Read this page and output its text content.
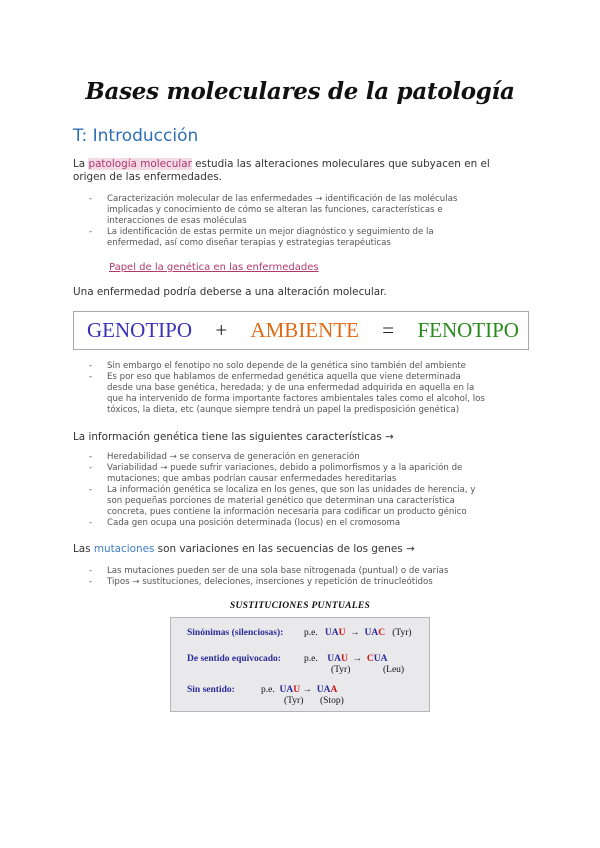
Bases moleculares de la patología
T: Introducción
La patología molecular estudia las alteraciones moleculares que subyacen en el
origen de las enfermedades.
- Caracterización molecular de las enfermedades → identificación de las moléculas
implicadas y conocimiento de cómo se alteran las funciones, características e
interacciones de esas moléculas
- La identificación de estas permite un mejor diagnóstico y seguimiento de la
enfermedad, así como diseñar terapias y estrategias terapéuticas
Papel de la genética en las enfermedades
Una enfermedad podría deberse a una alteración molecular.
GENOTIPO + AMBIENTE = FENOTIPO
- Sin embargo el fenotipo no solo depende de la genética sino también del ambiente
- Es por eso que hablamos de enfermedad genética aquella que viene determinada
desde una base genética, heredada; y de una enfermedad adquirida en aquella en la
que ha intervenido de forma importante factores ambientales tales como el alcohol, los
tóxicos, la dieta, etc (aunque siempre tendrá un papel la predisposición genética)
La información genética tiene las siguientes características →
- Heredabilidad → se conserva de generación en generación
- Variabilidad → puede sufrir variaciones, debido a polimorfismos y a la aparición de
mutaciones; que ambas podrían causar enfermedades hereditarias
- La información genética se localiza en los genes, que son las unidades de herencia, y
son pequeñas porciones de material genético que determinan una característica
concreta, pues contiene la información necesaria para codificar un producto génico
- Cada gen ocupa una posición determinada (locus) en el cromosoma
Las mutaciones son variaciones en las secuencias de los genes →
- Las mutaciones pueden ser de una sola base nitrogenada (puntual) o de varias
- Tipos → sustituciones, deleciones, inserciones y repetición de trinucleótidos
SUSTITUCIONES PUNTUALES
Sinónimas (silenciosas): p.e. UAU → UAC (Tyr)
De sentido equivocado: p.e. UAU → CUA
(Tyr)	(Leu)
Sin sentido:	p.e. UAU → UAA
(Tyr) (Stop)
